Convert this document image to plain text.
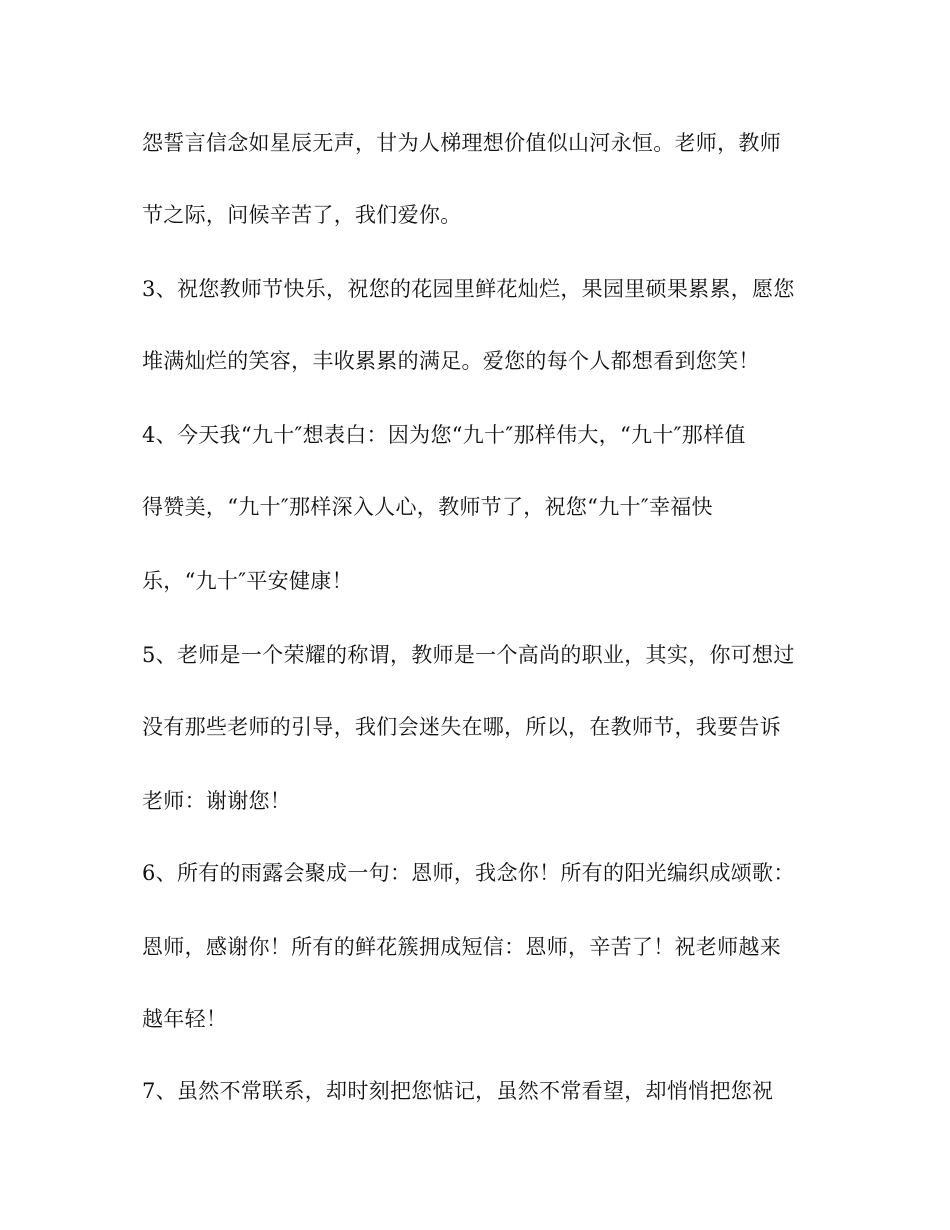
怨誓言信念如星辰无声，甘为人梯理想价值似山河永恒。老师，教师
节之际，问候辛苦了，我们爱你。
3、祝您教师节快乐，祝您的花园里鲜花灿烂，果园里硕果累累，愿您
堆满灿烂的笑容，丰收累累的满足。爱您的每个人都想看到您笑！
4、今天我“九十″想表白：因为您“九十″那样伟大，“九十″那样值
得赞美，“九十″那样深入人心，教师节了，祝您“九十″幸福快
乐，“九十″平安健康！
5、老师是一个荣耀的称谓，教师是一个高尚的职业，其实，你可想过
没有那些老师的引导，我们会迷失在哪，所以，在教师节，我要告诉
老师：谢谢您！
6、所有的雨露会聚成一句：恩师，我念你！所有的阳光编织成颂歌：
恩师，感谢你！所有的鲜花簇拥成短信：恩师，辛苦了！祝老师越来
越年轻！
7、虽然不常联系，却时刻把您惦记，虽然不常看望，却悄悄把您祝
